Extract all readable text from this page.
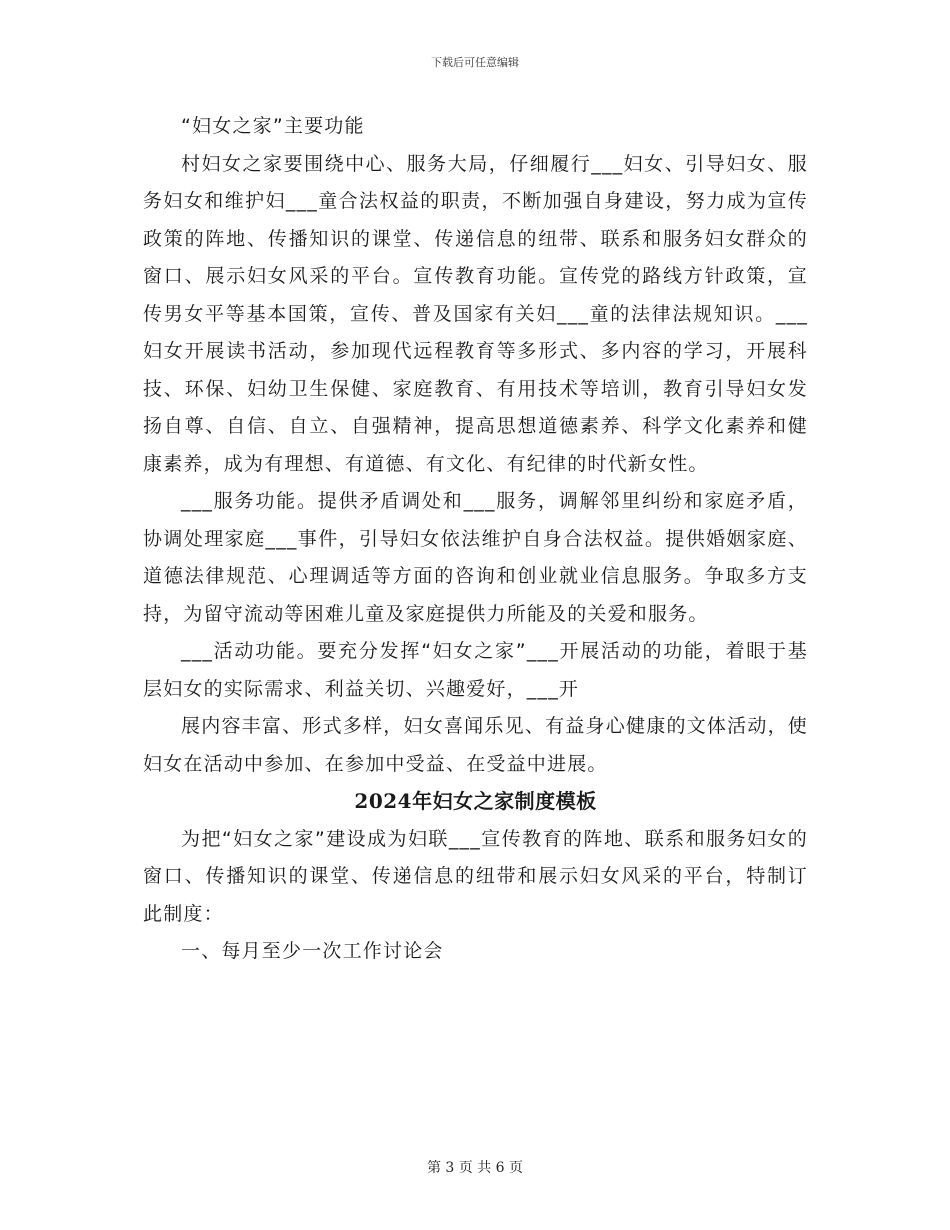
下载后可任意编辑

“妇女之家”主要功能

村妇女之家要围绕中心、服务大局，仔细履行___妇女、引导妇女、服务妇女和维护妇___童合法权益的职责，不断加强自身建设，努力成为宣传政策的阵地、传播知识的课堂、传递信息的纽带、联系和服务妇女群众的窗口、展示妇女风采的平台。宣传教育功能。宣传党的路线方针政策，宣传男女平等基本国策，宣传、普及国家有关妇___童的法律法规知识。___妇女开展读书活动，参加现代远程教育等多形式、多内容的学习，开展科技、环保、妇幼卫生保健、家庭教育、有用技术等培训，教育引导妇女发扬自尊、自信、自立、自强精神，提高思想道德素养、科学文化素养和健康素养，成为有理想、有道德、有文化、有纪律的时代新女性。

___服务功能。提供矛盾调处和___服务，调解邻里纠纷和家庭矛盾，协调处理家庭___事件，引导妇女依法维护自身合法权益。提供婚姻家庭、道德法律规范、心理调适等方面的咨询和创业就业信息服务。争取多方支持，为留守流动等困难儿童及家庭提供力所能及的关爱和服务。

___活动功能。要充分发挥“妇女之家”___开展活动的功能，着眼于基层妇女的实际需求、利益关切、兴趣爱好，___开

展内容丰富、形式多样，妇女喜闻乐见、有益身心健康的文体活动，使妇女在活动中参加、在参加中受益、在受益中进展。

2024年妇女之家制度模板

为把“妇女之家”建设成为妇联___宣传教育的阵地、联系和服务妇女的窗口、传播知识的课堂、传递信息的纽带和展示妇女风采的平台，特制订此制度：

一、每月至少一次工作讨论会

第 3 页 共 6 页
